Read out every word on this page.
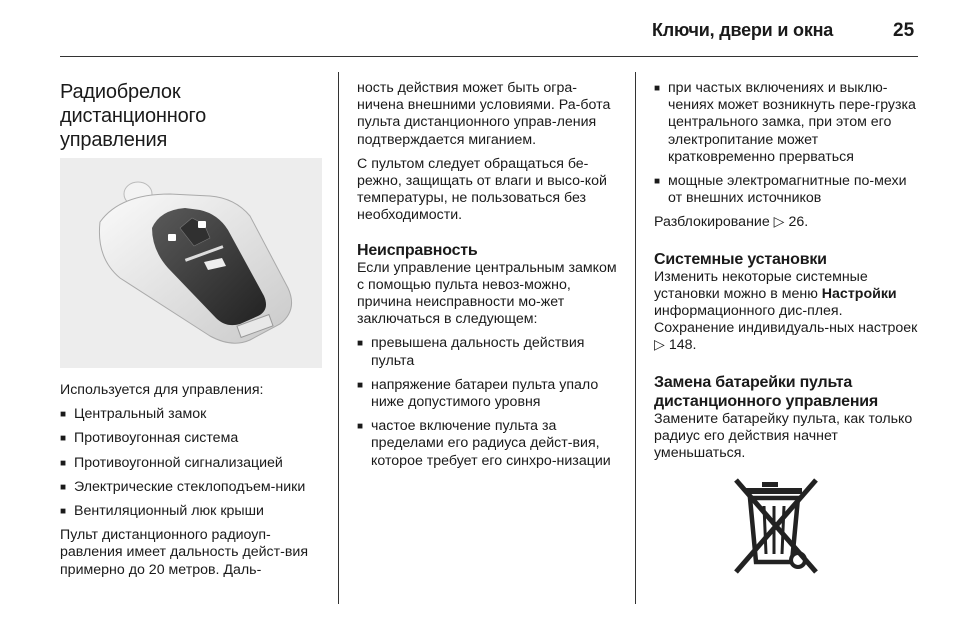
Ключи, двери и окна	25
Радиобрелок
дистанционного
управления

Используется для управления:

■ Центральный замок
■ Противоугонная система
■ Противоугонной сигнализацией
■ Электрические стеклоподъем-ники
■ Вентиляционный люк крыши

Пульт дистанционного радиоуп-равления имеет дальность дейст-вия примерно до 20 метров. Даль-

ность действия может быть огра-ничена внешними условиями. Ра-бота пульта дистанционного управ-ления подтверждается миганием.

С пультом следует обращаться бе-режно, защищать от влаги и высо-кой температуры, не пользоваться без необходимости.

Неисправность

Если управление центральным замком с помощью пульта невоз-можно, причина неисправности мо-жет заключаться в следующем:

■ превышена дальность действия пульта
■ напряжение батареи пульта упало ниже допустимого уровня
■ частое включение пульта за пределами его радиуса дейст-вия, которое требует его синхро-низации
■ при частых включениях и выклю-чениях может возникнуть пере-грузка центрального замка, при этом его электропитание может кратковременно прерваться
■ мощные электромагнитные по-мехи от внешних источников

Разблокирование ▷ 26.

Системные установки

Изменить некоторые системные установки можно в меню Настройки информационного дис-плея. Сохранение индивидуаль-ных настроек ▷ 148.

Замена батарейки пульта дистанционного управления

Замените батарейку пульта, как только радиус его действия начнет уменьшаться.
